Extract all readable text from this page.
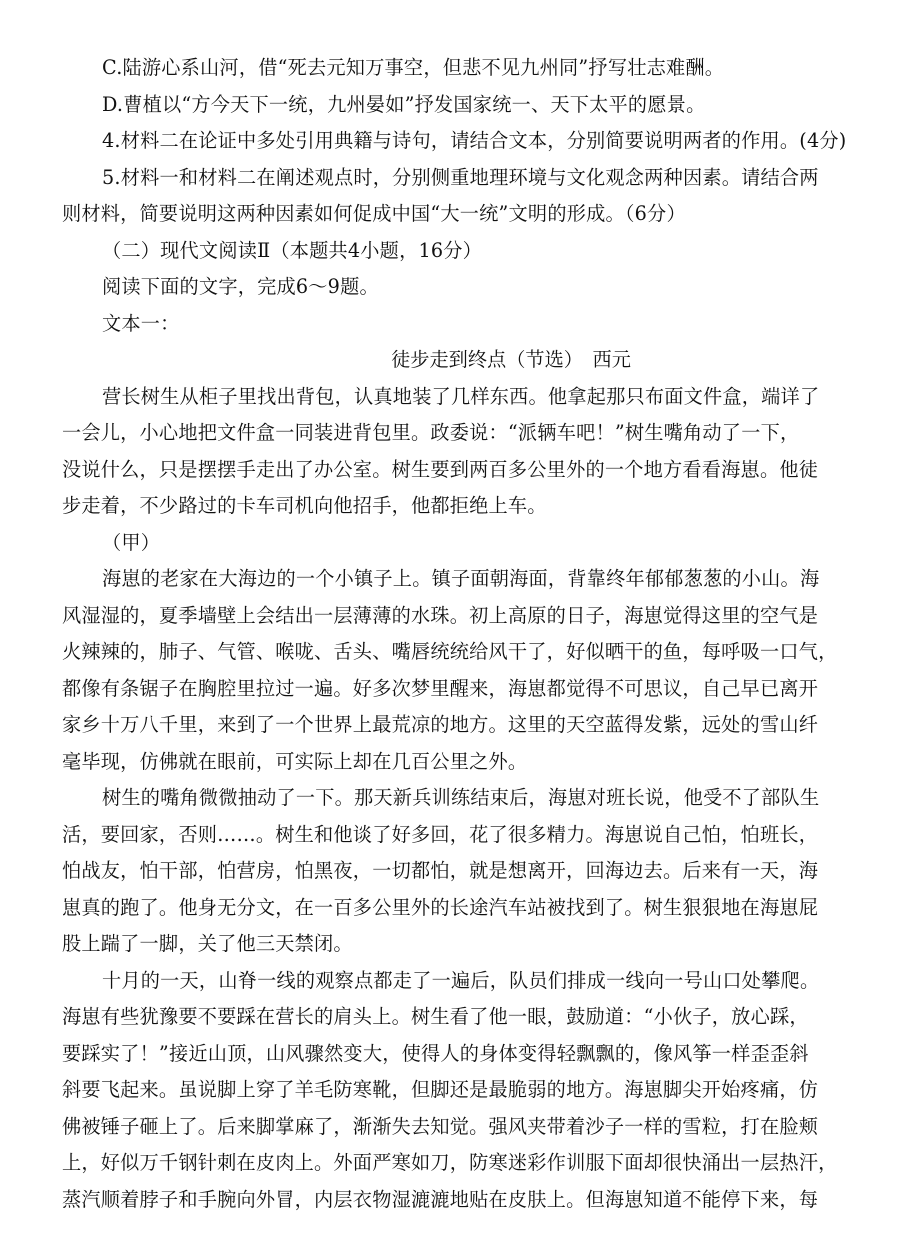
C.陆游心系山河，借“死去元知万事空，但悲不见九州同”抒写壮志难酬。
D.曹植以“方今天下一统，九州晏如”抒发国家统一、天下太平的愿景。
4.材料二在论证中多处引用典籍与诗句，请结合文本，分别简要说明两者的作用。(4分)
5.材料一和材料二在阐述观点时，分别侧重地理环境与文化观念两种因素。请结合两
则材料，简要说明这两种因素如何促成中国“大一统”文明的形成。（6分）
（二）现代文阅读Ⅱ（本题共4小题，16分）
阅读下面的文字，完成6～9题。
文本一：
徒步走到终点（节选）　西元
营长树生从柜子里找出背包，认真地装了几样东西。他拿起那只布面文件盒，端详了
一会儿，小心地把文件盒一同装进背包里。政委说：“派辆车吧！”树生嘴角动了一下，
没说什么，只是摆摆手走出了办公室。树生要到两百多公里外的一个地方看看海崽。他徒
步走着，不少路过的卡车司机向他招手，他都拒绝上车。
（甲）
海崽的老家在大海边的一个小镇子上。镇子面朝海面，背靠终年郁郁葱葱的小山。海
风湿湿的，夏季墙壁上会结出一层薄薄的水珠。初上高原的日子，海崽觉得这里的空气是
火辣辣的，肺子、气管、喉咙、舌头、嘴唇统统给风干了，好似晒干的鱼，每呼吸一口气，
都像有条锯子在胸腔里拉过一遍。好多次梦里醒来，海崽都觉得不可思议，自己早已离开
家乡十万八千里，来到了一个世界上最荒凉的地方。这里的天空蓝得发紫，远处的雪山纤
毫毕现，仿佛就在眼前，可实际上却在几百公里之外。
树生的嘴角微微抽动了一下。那天新兵训练结束后，海崽对班长说，他受不了部队生
活，要回家，否则……。树生和他谈了好多回，花了很多精力。海崽说自己怕，怕班长，
怕战友，怕干部，怕营房，怕黑夜，一切都怕，就是想离开，回海边去。后来有一天，海
崽真的跑了。他身无分文，在一百多公里外的长途汽车站被找到了。树生狠狠地在海崽屁
股上踹了一脚，关了他三天禁闭。
十月的一天，山脊一线的观察点都走了一遍后，队员们排成一线向一号山口处攀爬。
海崽有些犹豫要不要踩在营长的肩头上。树生看了他一眼，鼓励道：“小伙子，放心踩，
要踩实了！”接近山顶，山风骤然变大，使得人的身体变得轻飘飘的，像风筝一样歪歪斜
斜要飞起来。虽说脚上穿了羊毛防寒靴，但脚还是最脆弱的地方。海崽脚尖开始疼痛，仿
佛被锤子砸上了。后来脚掌麻了，渐渐失去知觉。强风夹带着沙子一样的雪粒，打在脸颊
上，好似万千钢针刺在皮肉上。外面严寒如刀，防寒迷彩作训服下面却很快涌出一层热汗，
蒸汽顺着脖子和手腕向外冒，内层衣物湿漉漉地贴在皮肤上。但海崽知道不能停下来，每
